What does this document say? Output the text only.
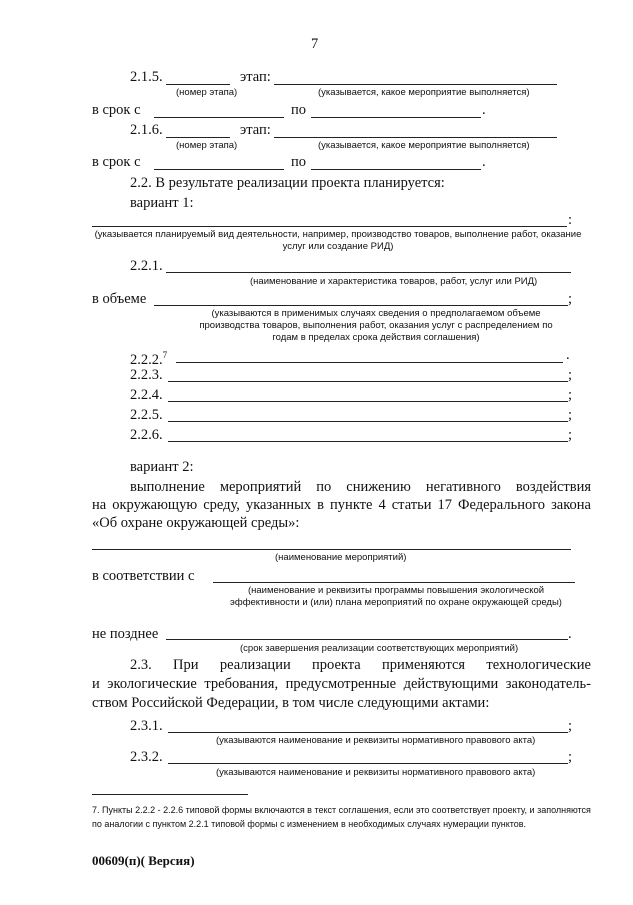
7
2.1.5.	этап:
(номер этапа)	(указывается, какое мероприятие выполняется)
в срок с	по	.
2.1.6.	этап:
(номер этапа)	(указывается, какое мероприятие выполняется)
в срок с	по	.
2.2. В результате реализации проекта планируется:
вариант 1:
:
(указывается планируемый вид деятельности, например, производство товаров, выполнение работ, оказание услуг или создание РИД)
2.2.1.
(наименование и характеристика товаров, работ, услуг или РИД)
в объеме	;
(указываются в применимых случаях сведения о предполагаемом объеме производства товаров, выполнения работ, оказания услуг с распределением по годам в пределах срока действия соглашения)
2.2.2.$^7$	.
2.2.3.	;
2.2.4.	;
2.2.5.	;
2.2.6.	;
вариант 2:
выполнение мероприятий по снижению негативного воздействия
на окружающую среду, указанных в пункте 4 статьи 17 Федерального закона
«Об охране окружающей среды»:
(наименование мероприятий)
в соответствии с
(наименование и реквизиты программы повышения экологической эффективности и (или) плана мероприятий по охране окружающей среды)
не позднее	.
(срок завершения реализации соответствующих мероприятий)
2.3. При реализации проекта применяются технологические
и экологические требования, предусмотренные действующими законодатель-
ством Российской Федерации, в том числе следующими актами:
2.3.1.	;
(указываются наименование и реквизиты нормативного правового акта)
2.3.2.	;
(указываются наименование и реквизиты нормативного правового акта)
7. Пункты 2.2.2 - 2.2.6 типовой формы включаются в текст соглашения, если это соответствует проекту, и заполняются по аналогии с пунктом 2.2.1 типовой формы с изменением в необходимых случаях нумерации пунктов.
00609(п)( Версия)
